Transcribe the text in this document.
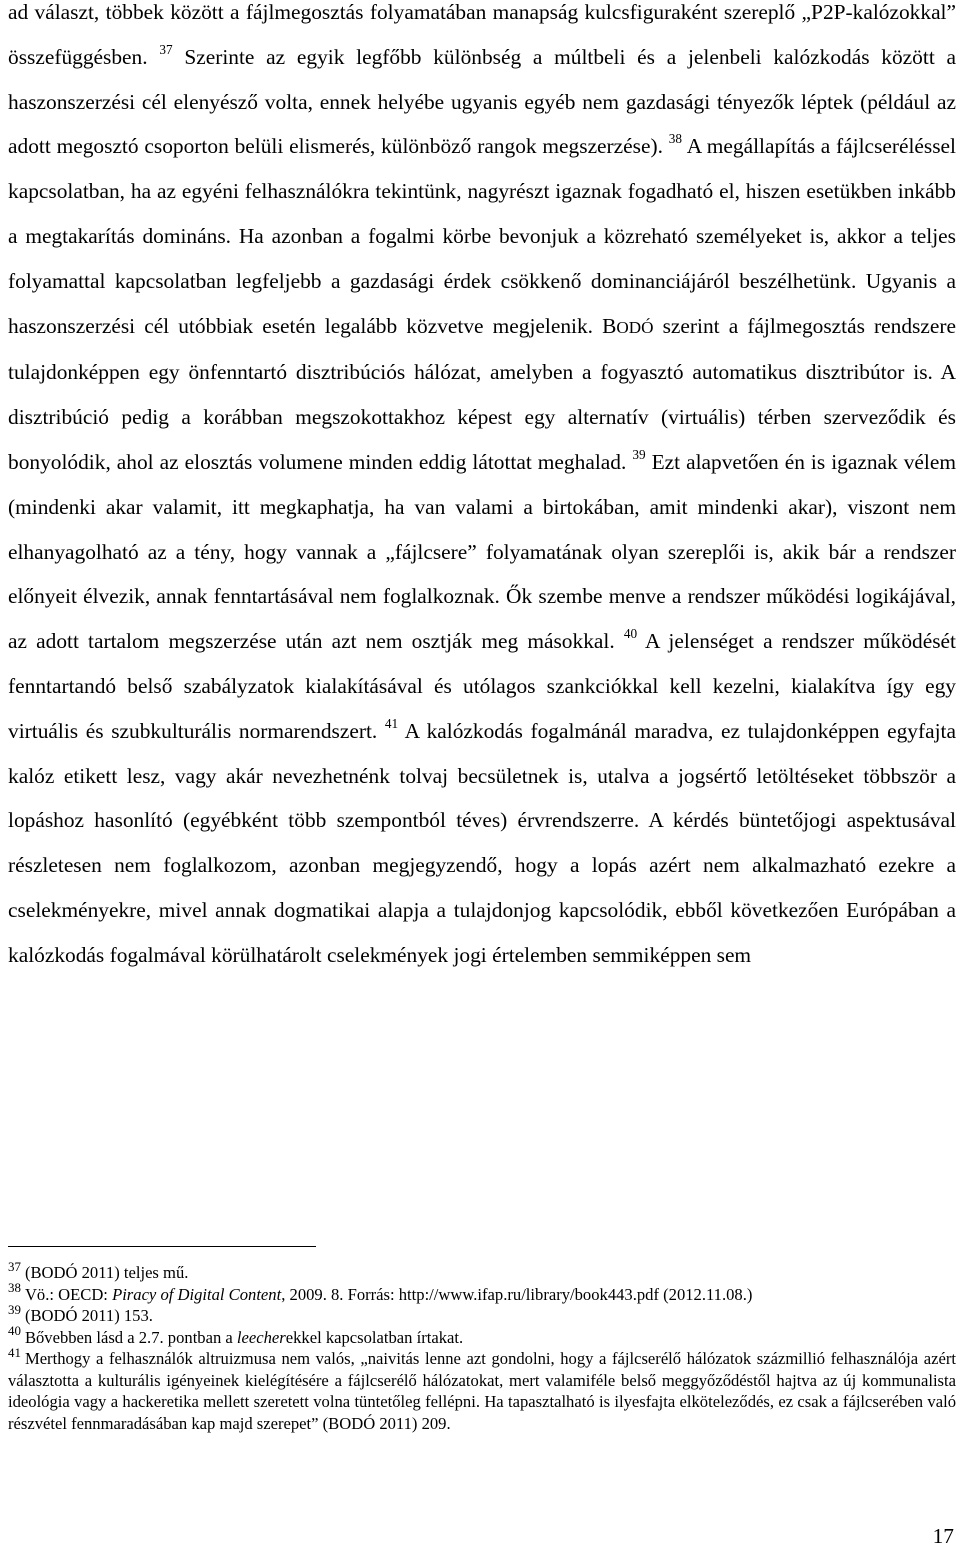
ad választ, többek között a fájlmegosztás folyamatában manapság kulcsfiguraként szereplő „P2P-kalózokkal” összefüggésben. $^{37}$ Szerinte az egyik legfőbb különbség a múltbeli és a jelenbeli kalózkodás között a haszonszerzési cél elenyésző volta, ennek helyébe ugyanis egyéb nem gazdasági tényezők léptek (például az adott megosztó csoporton belüli elismerés, különböző rangok megszerzése). $^{38}$ A megállapítás a fájlcseréléssel kapcsolatban, ha az egyéni felhasználókra tekintünk, nagyrészt igaznak fogadható el, hiszen esetükben inkább a megtakarítás domináns. Ha azonban a fogalmi körbe bevonjuk a közreható személyeket is, akkor a teljes folyamattal kapcsolatban legfeljebb a gazdasági érdek csökkenő dominanciájáról beszélhetünk. Ugyanis a haszonszerzési cél utóbbiak esetén legalább közvetve megjelenik. BODÓ szerint a fájlmegosztás rendszere tulajdonképpen egy önfenntartó disztribúciós hálózat, amelyben a fogyasztó automatikus disztribútor is. A disztribúció pedig a korábban megszokottakhoz képest egy alternatív (virtuális) térben szerveződik és bonyolódik, ahol az elosztás volumene minden eddig látottat meghalad. $^{39}$ Ezt alapvetően én is igaznak vélem (mindenki akar valamit, itt megkaphatja, ha van valami a birtokában, amit mindenki akar), viszont nem elhanyagolható az a tény, hogy vannak a „fájlcsere” folyamatának olyan szereplői is, akik bár a rendszer előnyeit élvezik, annak fenntartásával nem foglalkoznak. Ők szembe menve a rendszer működési logikájával, az adott tartalom megszerzése után azt nem osztják meg másokkal. $^{40}$ A jelenséget a rendszer működését fenntartandó belső szabályzatok kialakításával és utólagos szankciókkal kell kezelni, kialakítva így egy virtuális és szubkulturális normarendszert. $^{41}$ A kalózkodás fogalmánál maradva, ez tulajdonképpen egyfajta kalóz etikett lesz, vagy akár nevezhetnénk tolvaj becsületnek is, utalva a jogsértő letöltéseket többször a lopáshoz hasonlító (egyébként több szempontból téves) érvrendszerre. A kérdés büntetőjogi aspektusával részletesen nem foglalkozom, azonban megjegyzendő, hogy a lopás azért nem alkalmazható ezekre a cselekményekre, mivel annak dogmatikai alapja a tulajdonjog kapcsolódik, ebből következően Európában a kalózkodás fogalmával körülhatárolt cselekmények jogi értelemben semmiképpen sem

$^{37}$ (BODÓ 2011) teljes mű.

$^{38}$ Vö.: OECD: Piracy of Digital Content, 2009. 8. Forrás: http://www.ifap.ru/library/book443.pdf (2012.11.08.)

$^{39}$ (BODÓ 2011) 153.

$^{40}$ Bővebben lásd a 2.7. pontban a leecherekkel kapcsolatban írtakat.

$^{41}$ Merthogy a felhasználók altruizmusa nem valós, „naivitás lenne azt gondolni, hogy a fájlcserélő hálózatok százmillió felhasználója azért választotta a kulturális igényeinek kielégítésére a fájlcserélő hálózatokat, mert valamiféle belső meggyőződéstől hajtva az új kommunalista ideológia vagy a hackeretika mellett szeretett volna tüntetőleg fellépni. Ha tapasztalható is ilyesfajta elköteleződés, ez csak a fájlcserében való részvétel fennmaradásában kap majd szerepet” (BODÓ 2011) 209.

17
